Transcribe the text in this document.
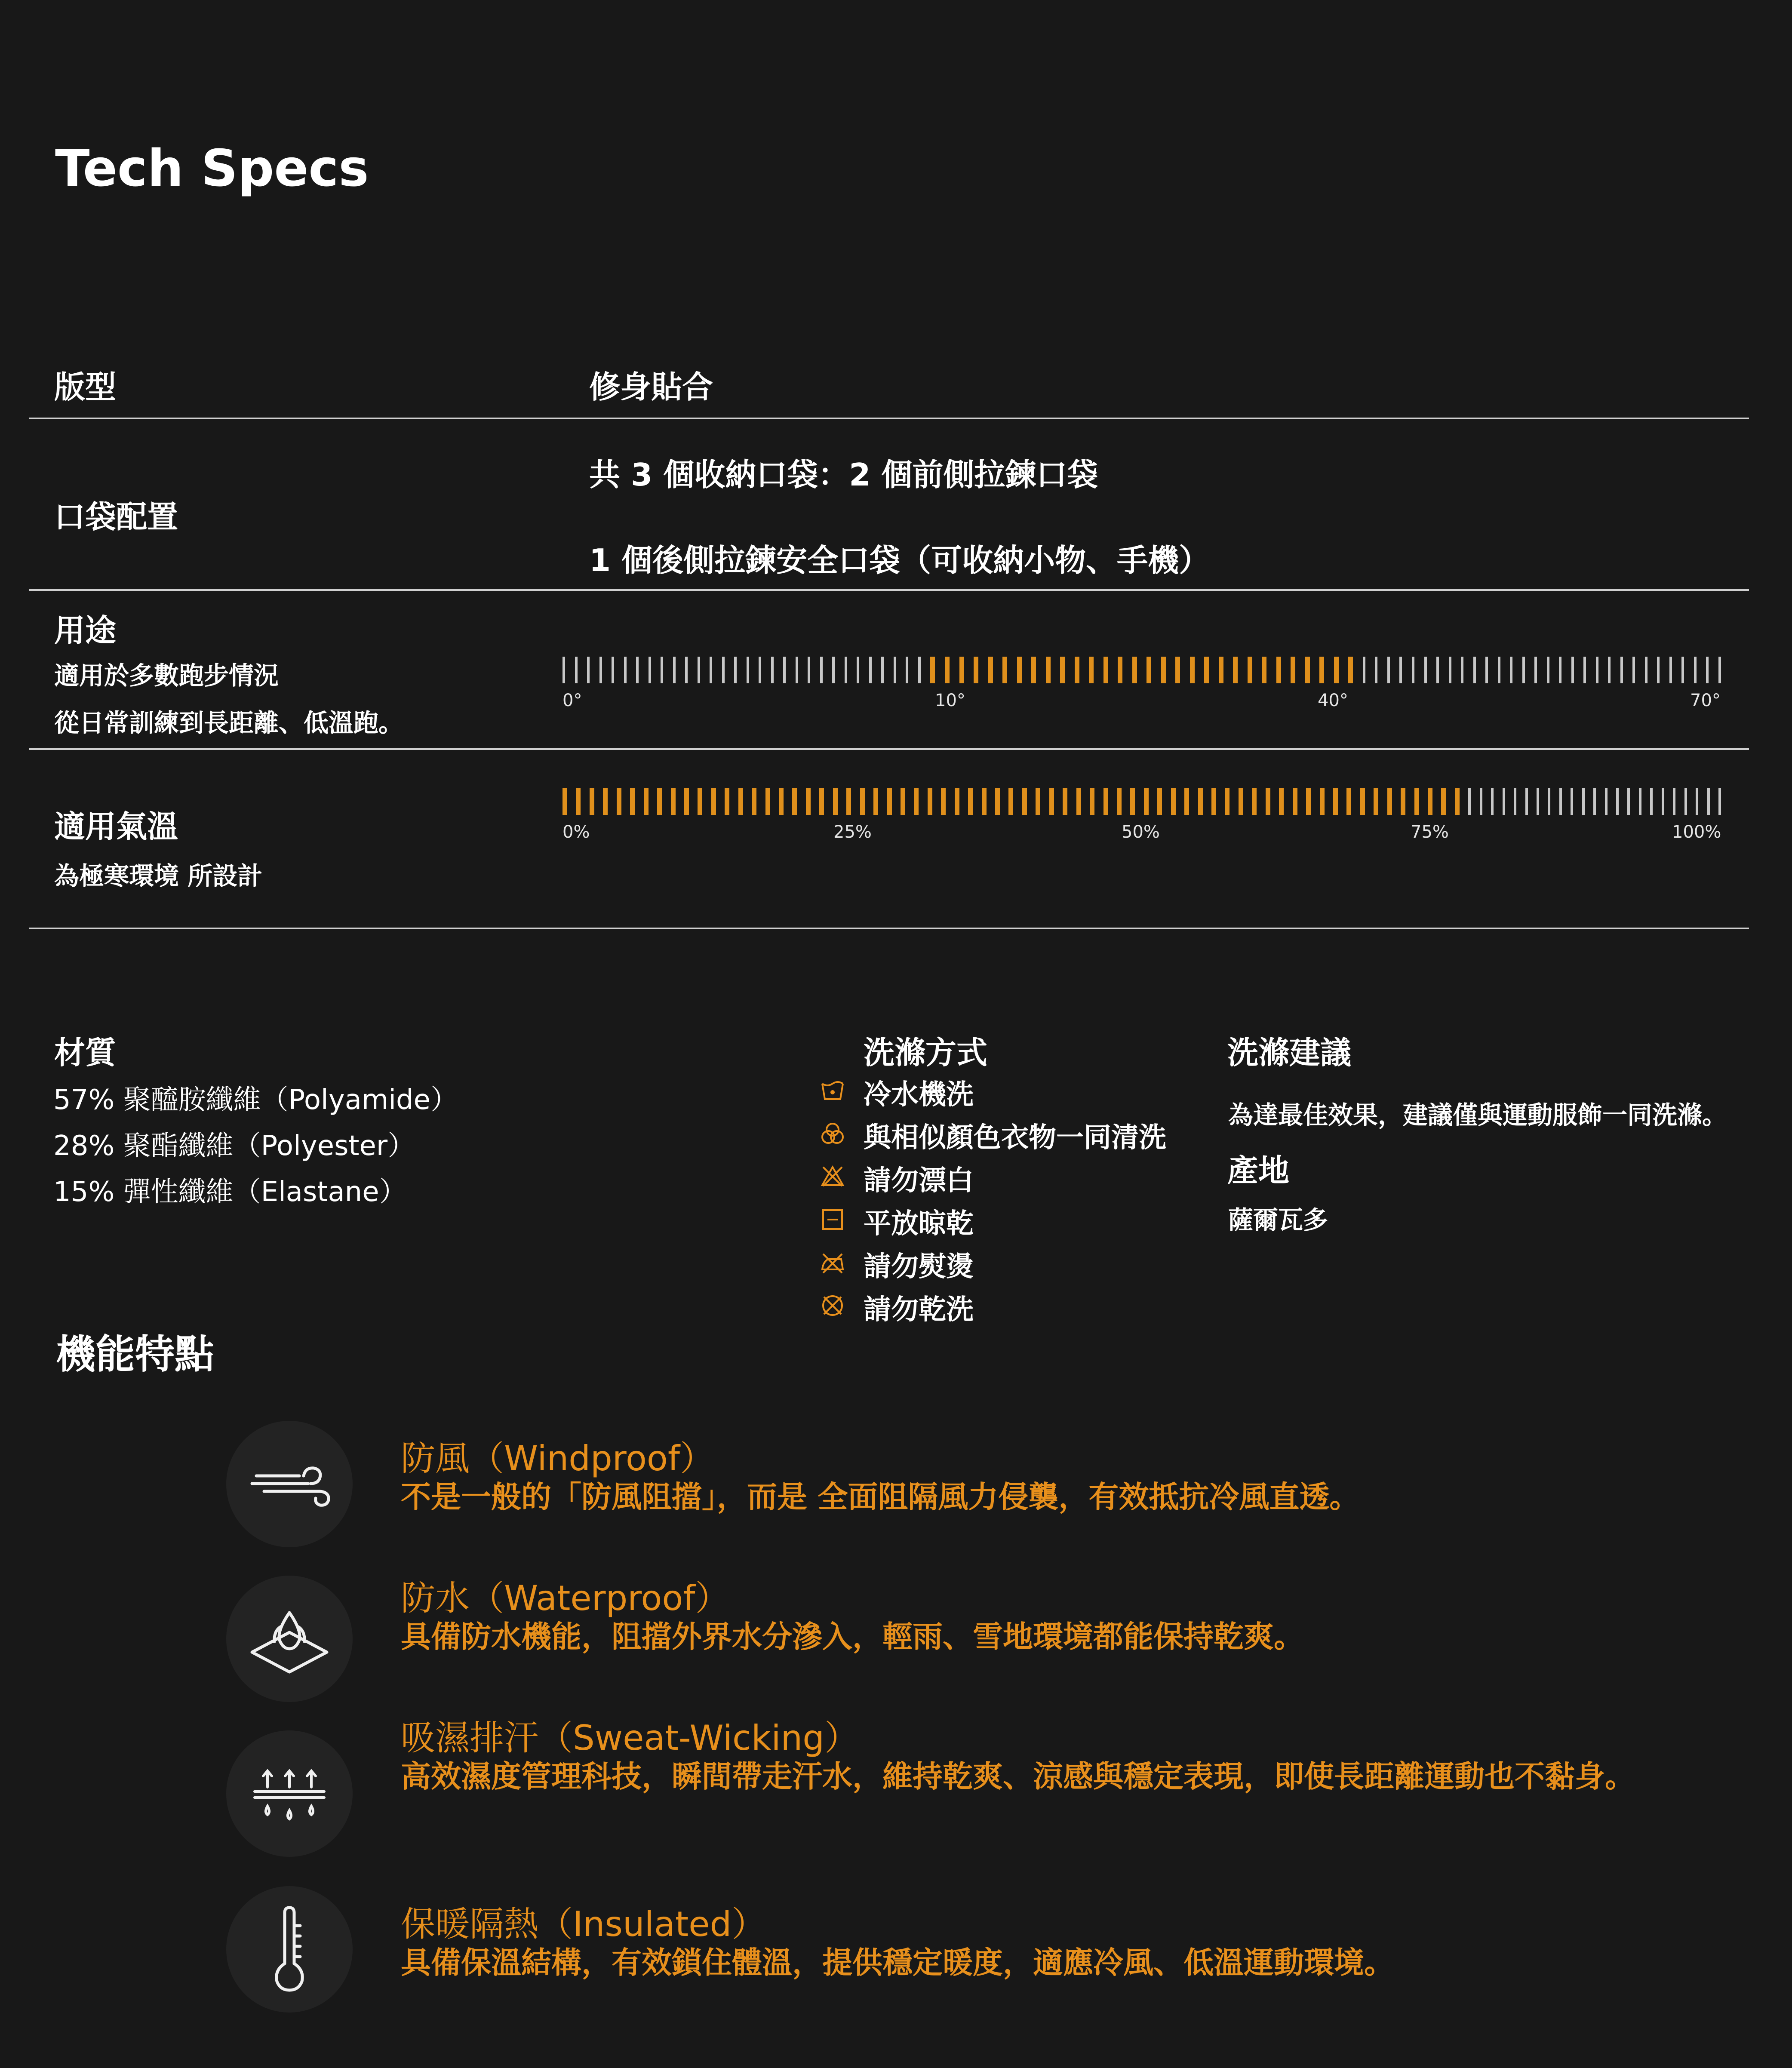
Tech Specs
版型	修身貼合
口袋配置
共 3 個收納口袋：2 個前側拉鍊口袋
1 個後側拉鍊安全口袋（可收納小物、手機）
用途
適用於多數跑步情況
從日常訓練到長距離、低溫跑。
0°	10°	40°	70°
適用氣溫
為極寒環境 所設計
0%	25%	50%	75%	100%
材質
57% 聚醯胺纖維（Polyamide）
28% 聚酯纖維（Polyester）
15% 彈性纖維（Elastane）
洗滌方式
冷水機洗
與相似顏色衣物一同清洗
請勿漂白
平放晾乾
請勿熨燙
請勿乾洗
洗滌建議
為達最佳效果，建議僅與運動服飾一同洗滌。
產地
薩爾瓦多
機能特點
防風（Windproof）
不是一般的「防風阻擋」，而是 全面阻隔風力侵襲，有效抵抗冷風直透。
防水（Waterproof）
具備防水機能，阻擋外界水分滲入，輕雨、雪地環境都能保持乾爽。
吸濕排汗（Sweat-Wicking）
高效濕度管理科技，瞬間帶走汗水，維持乾爽、涼感與穩定表現，即使長距離運動也不黏身。
保暖隔熱（Insulated）
具備保溫結構，有效鎖住體溫，提供穩定暖度，適應冷風、低溫運動環境。
